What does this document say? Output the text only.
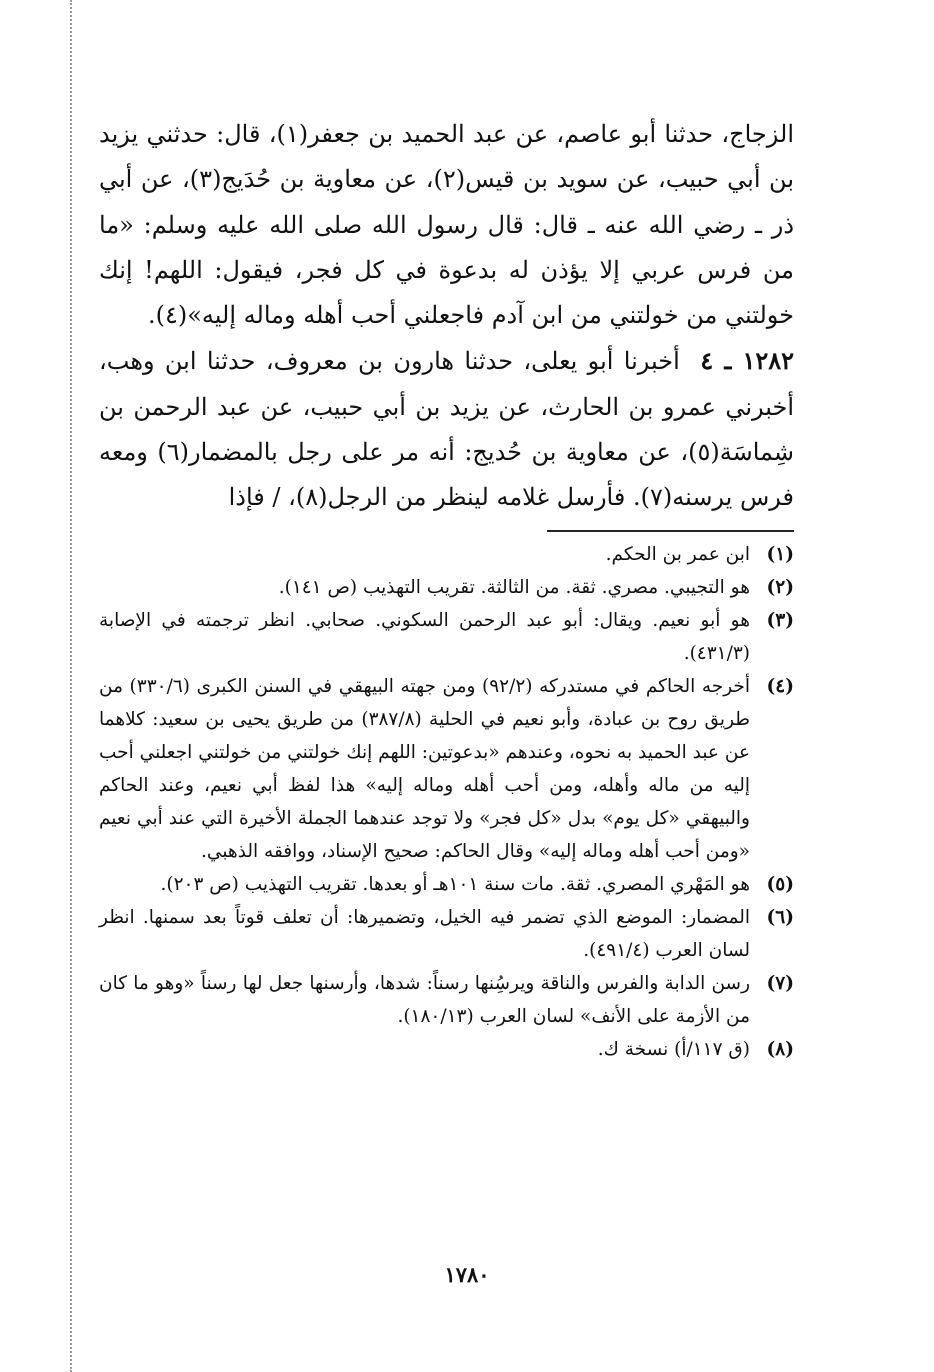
الزجاج، حدثنا أبو عاصم، عن عبد الحميد بن جعفر(١)، قال: حدثني يزيد بن أبي حبيب، عن سويد بن قيس(٢)، عن معاوية بن حُدَيج(٣)، عن أبي ذر ـ رضي الله عنه ـ قال: قال رسول الله صلى الله عليه وسلم: «ما من فرس عربي إلا يؤذن له بدعوة في كل فجر، فيقول: اللهم! إنك خولتني من خولتني من ابن آدم فاجعلني أحب أهله وماله إليه»(٤).

١٢٨٢ ـ ٤  أخبرنا أبو يعلى، حدثنا هارون بن معروف، حدثنا ابن وهب، أخبرني عمرو بن الحارث، عن يزيد بن أبي حبيب، عن عبد الرحمن بن شِماسَة(٥)، عن معاوية بن حُديج: أنه مر على رجل بالمضمار(٦) ومعه فرس يرسنه(٧). فأرسل غلامه لينظر من الرجل(٨)، / فإذا

(١)
ابن عمر بن الحكم.
(٢)
هو التجيبي. مصري. ثقة. من الثالثة. تقريب التهذيب (ص ١٤١).
(٣)
هو أبو نعيم. ويقال: أبو عبد الرحمن السكوني. صحابي. انظر ترجمته في الإصابة (٤٣١/٣).
(٤)
أخرجه الحاكم في مستدركه (٩٢/٢) ومن جهته البيهقي في السنن الكبرى (٣٣٠/٦) من طريق روح بن عبادة، وأبو نعيم في الحلية (٣٨٧/٨) من طريق يحيى بن سعيد: كلاهما عن عبد الحميد به نحوه، وعندهم «بدعوتين: اللهم إنك خولتني من خولتني اجعلني أحب إليه من ماله وأهله، ومن أحب أهله وماله إليه» هذا لفظ أبي نعيم، وعند الحاكم والبيهقي «كل يوم» بدل «كل فجر» ولا توجد عندهما الجملة الأخيرة التي عند أبي نعيم «ومن أحب أهله وماله إليه» وقال الحاكم: صحيح الإسناد، ووافقه الذهبي.
(٥)
هو المَهْري المصري. ثقة. مات سنة ١٠١هـ أو بعدها. تقريب التهذيب (ص ٢٠٣).
(٦)
المضمار: الموضع الذي تضمر فيه الخيل، وتضميرها: أن تعلف قوتاً بعد سمنها. انظر لسان العرب (٤٩١/٤).
(٧)
رسن الدابة والفرس والناقة ويرسُِنها رسناً: شدها، وأرسنها جعل لها رسناً «وهو ما كان من الأزمة على الأنف» لسان العرب (١٨٠/١٣).
(٨)
(ق ١١٧/أ) نسخة ك.
١٧٨٠
